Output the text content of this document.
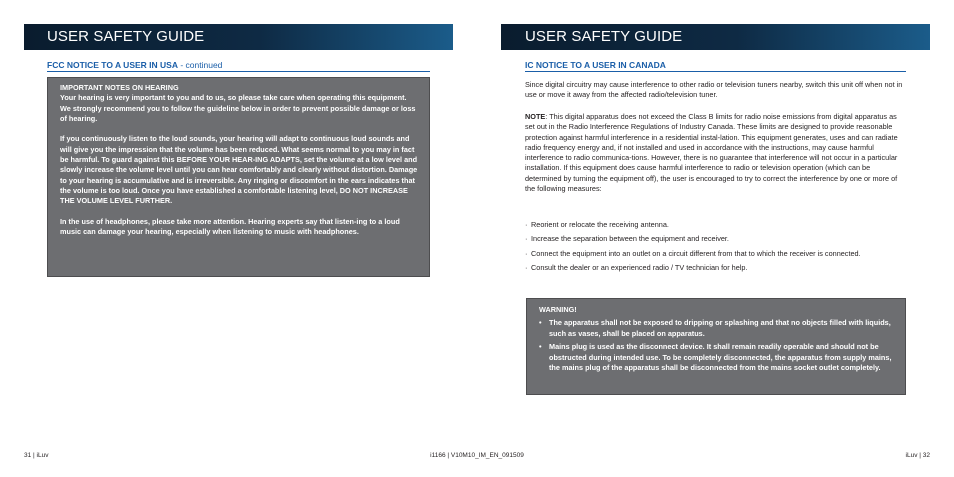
USER SAFETY GUIDE
FCC NOTICE TO A USER IN USA - continued

IMPORTANT NOTES ON HEARING
Your hearing is very important to you and to us, so please take care when operating this equipment. We strongly recommend you to follow the guideline below in order to prevent possible damage or loss of hearing.

If you continuously listen to the loud sounds, your hearing will adapt to continuous loud sounds and will give you the impression that the volume has been reduced. What seems normal to you may in fact be harmful. To guard against this BEFORE YOUR HEAR-ING ADAPTS, set the volume at a low level and slowly increase the volume level until you can hear comfortably and clearly without distortion. Damage to your hearing is accumulative and is irreversible. Any ringing or discomfort in the ears indicates that the volume is too loud. Once you have established a comfortable listening level, DO NOT INCREASE THE VOLUME LEVEL FURTHER.

In the use of headphones, please take more attention. Hearing experts say that listen-ing to a loud music can damage your hearing, especially when listening to music with headphones.

USER SAFETY GUIDE
IC NOTICE TO A USER IN CANADA

Since digital circuitry may cause interference to other radio or television tuners nearby, switch this unit off when not in use or move it away from the affected radio/television tuner.

NOTE: This digital apparatus does not exceed the Class B limits for radio noise emissions from digital apparatus as set out in the Radio Interference Regulations of Industry Canada. These limits are designed to provide reasonable protection against harmful interference in a residential instal-lation. This equipment generates, uses and can radiate radio frequency energy and, if not installed and used in accordance with the instructions, may cause harmful interference to radio communica-tions. However, there is no guarantee that interference will not occur in a particular installation. If this equipment does cause harmful interference to radio or television operation (which can be determined by turning the equipment off), the user is encouraged to try to correct the interference by one or more of the following measures:

· Reorient or relocate the receiving antenna.
· Increase the separation between the equipment and receiver.
· Connect the equipment into an outlet on a circuit different from that to which the receiver is connected.
· Consult the dealer or an experienced radio / TV technician for help.
WARNING!
• The apparatus shall not be exposed to dripping or splashing and that no objects filled with liquids, such as vases, shall be placed on apparatus.
• Mains plug is used as the disconnect device. It shall remain readily operable and should not be obstructed during intended use. To be completely disconnected, the apparatus from supply mains, the mains plug of the apparatus shall be disconnected from the mains socket outlet completely.
31 | iLuv	i1166 | V10M10_IM_EN_091509	iLuv | 32
